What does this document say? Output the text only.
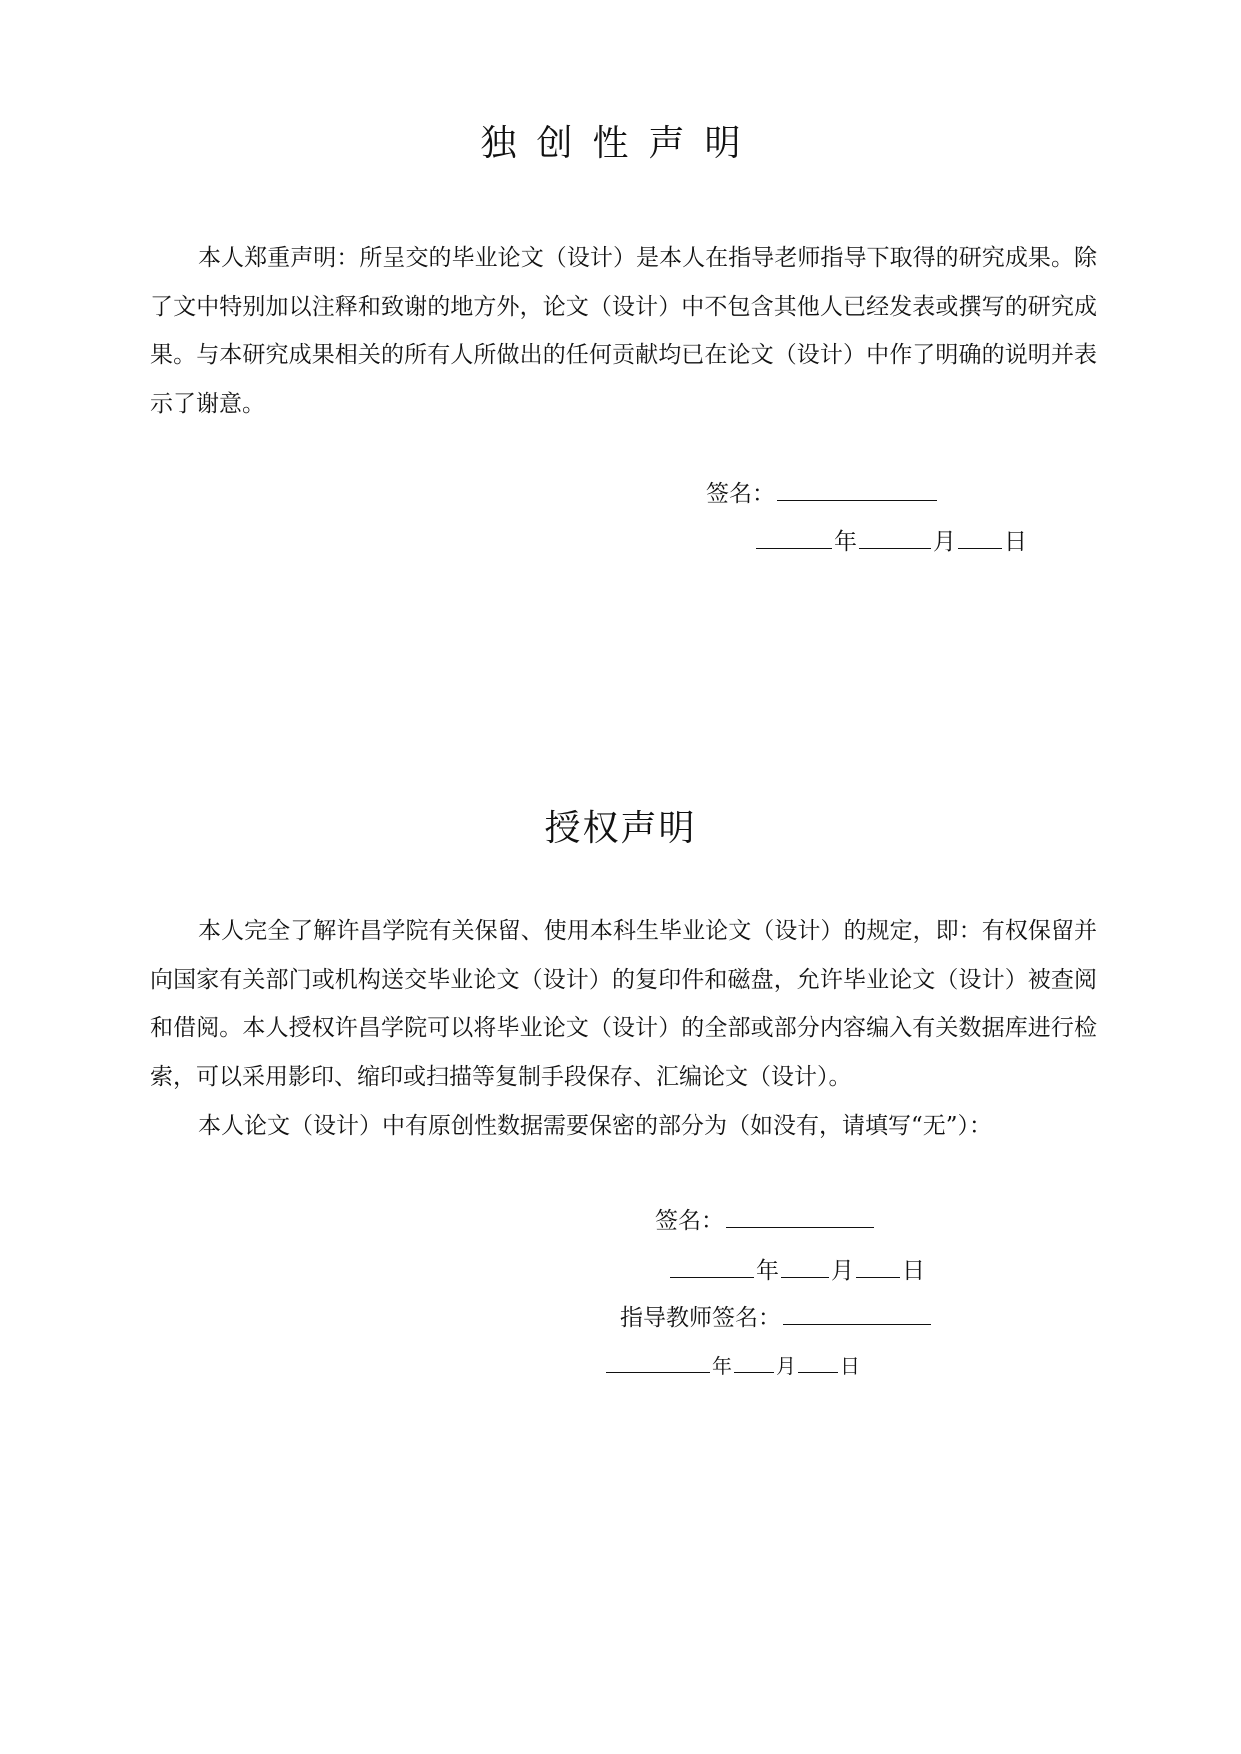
独创性声明

本人郑重声明：所呈交的毕业论文（设计）是本人在指导老师指导下取得的研究成果。除了文中特别加以注释和致谢的地方外，论文（设计）中不包含其他人已经发表或撰写的研究成果。与本研究成果相关的所有人所做出的任何贡献均已在论文（设计）中作了明确的说明并表示了谢意。

签名：
年	月 日
授权声明

本人完全了解许昌学院有关保留、使用本科生毕业论文（设计）的规定，即：有权保留并向国家有关部门或机构送交毕业论文（设计）的复印件和磁盘，允许毕业论文（设计）被查阅和借阅。本人授权许昌学院可以将毕业论文（设计）的全部或部分内容编入有关数据库进行检索，可以采用影印、缩印或扫描等复制手段保存、汇编论文（设计）。

本人论文（设计）中有原创性数据需要保密的部分为（如没有，请填写“无”）：

签名：
年 月 日
指导教师签名：
年 月 日
